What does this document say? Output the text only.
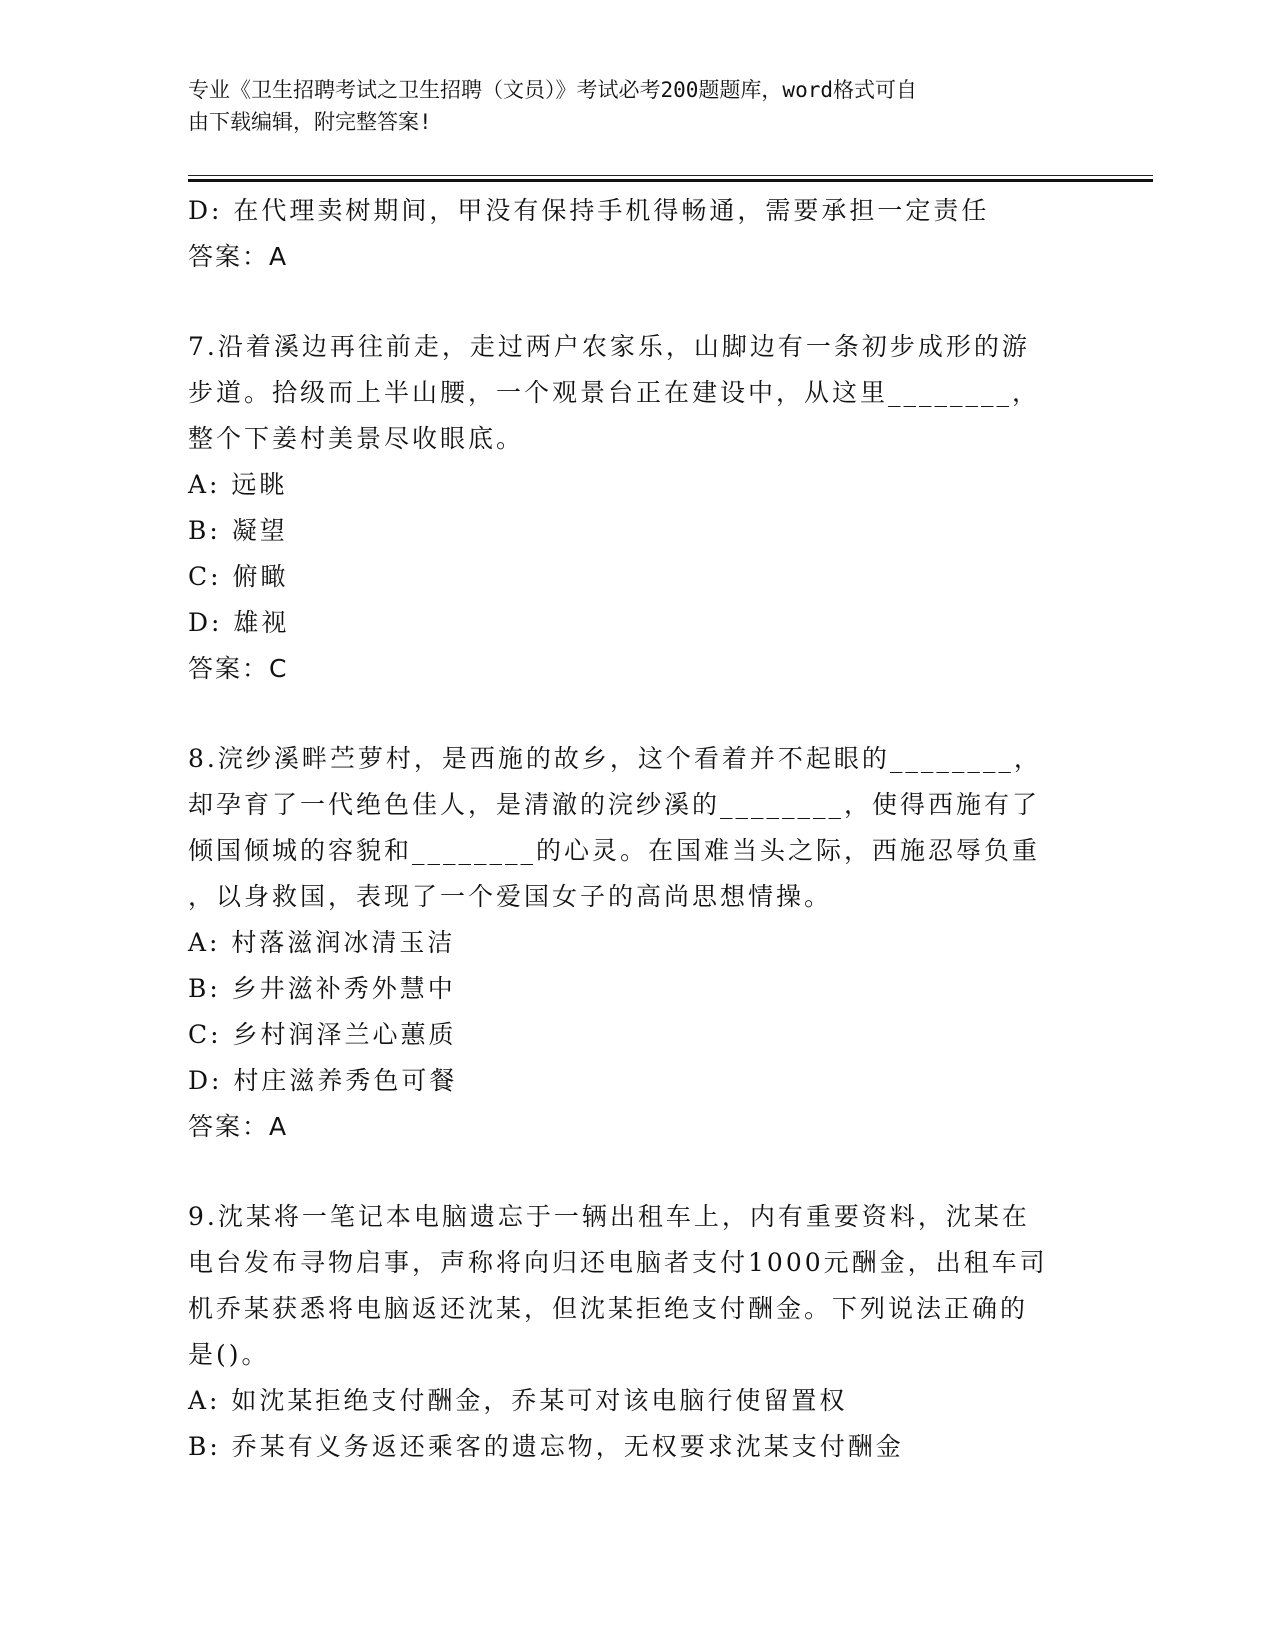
专业《卫生招聘考试之卫生招聘（文员）》考试必考200题题库，word格式可自
由下载编辑，附完整答案!
D: 在代理卖树期间，甲没有保持手机得畅通，需要承担一定责任
答案：A
7.沿着溪边再往前走，走过两户农家乐，山脚边有一条初步成形的游
步道。拾级而上半山腰，一个观景台正在建设中，从这里________，
整个下姜村美景尽收眼底。
A: 远眺
B: 凝望
C: 俯瞰
D: 雄视
答案：C
8.浣纱溪畔苎萝村，是西施的故乡，这个看着并不起眼的________，
却孕育了一代绝色佳人，是清澈的浣纱溪的________，使得西施有了
倾国倾城的容貌和________的心灵。在国难当头之际，西施忍辱负重
，以身救国，表现了一个爱国女子的高尚思想情操。
A: 村落滋润冰清玉洁
B: 乡井滋补秀外慧中
C: 乡村润泽兰心蕙质
D: 村庄滋养秀色可餐
答案：A
9.沈某将一笔记本电脑遗忘于一辆出租车上，内有重要资料，沈某在
电台发布寻物启事，声称将向归还电脑者支付1000元酬金，出租车司
机乔某获悉将电脑返还沈某，但沈某拒绝支付酬金。下列说法正确的
是()。
A: 如沈某拒绝支付酬金，乔某可对该电脑行使留置权
B: 乔某有义务返还乘客的遗忘物，无权要求沈某支付酬金
